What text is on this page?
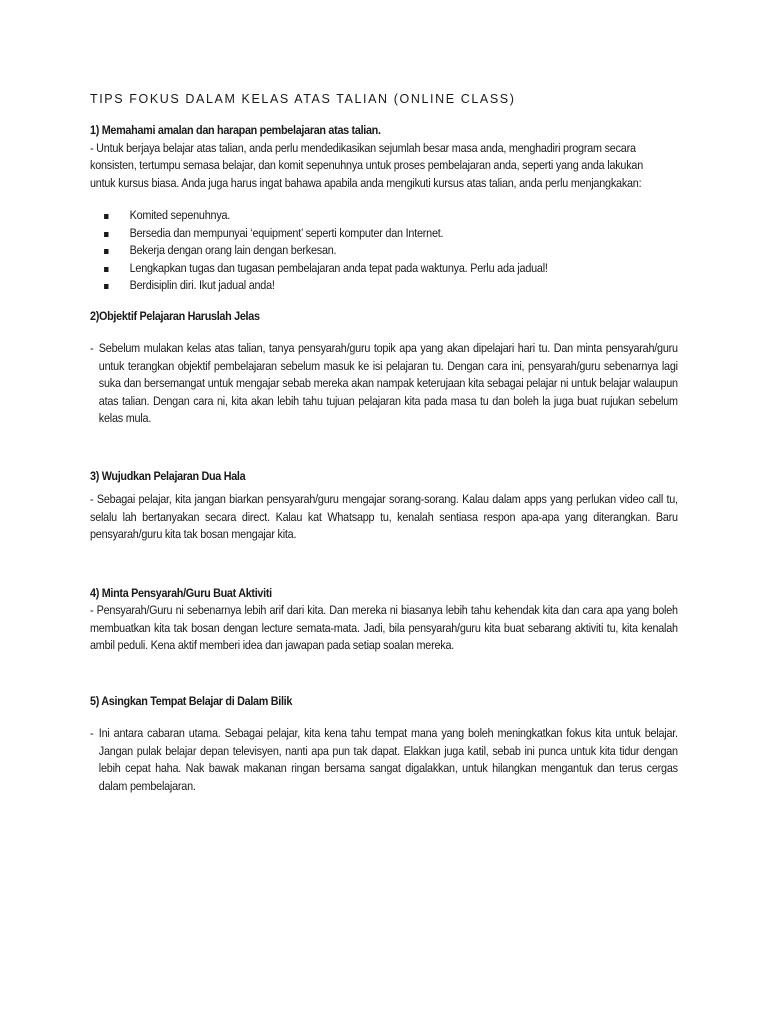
TIPS FOKUS DALAM KELAS ATAS TALIAN (ONLINE CLASS)

1) Memahami amalan dan harapan pembelajaran atas talian.

- Untuk berjaya belajar atas talian, anda perlu mendedikasikan sejumlah besar masa anda, menghadiri program secara konsisten, tertumpu semasa belajar, dan komit sepenuhnya untuk proses pembelajaran anda, seperti yang anda lakukan untuk kursus biasa. Anda juga harus ingat bahawa apabila anda mengikuti kursus atas talian, anda perlu menjangkakan:

Komited sepenuhnya.
Bersedia dan mempunyai ‘equipment’ seperti komputer dan Internet.
Bekerja dengan orang lain dengan berkesan.
Lengkapkan tugas dan tugasan pembelajaran anda tepat pada waktunya. Perlu ada jadual!
Berdisiplin diri. Ikut jadual anda!

2)Objektif Pelajaran Haruslah Jelas

- Sebelum mulakan kelas atas talian, tanya pensyarah/guru topik apa yang akan dipelajari hari tu. Dan minta pensyarah/guru untuk terangkan objektif pembelajaran sebelum masuk ke isi pelajaran tu. Dengan cara ini, pensyarah/guru sebenarnya lagi suka dan bersemangat untuk mengajar sebab mereka akan nampak keterujaan kita sebagai pelajar ni untuk belajar walaupun atas talian. Dengan cara ni, kita akan lebih tahu tujuan pelajaran kita pada masa tu dan boleh la juga buat rujukan sebelum kelas mula.

3) Wujudkan Pelajaran Dua Hala

- Sebagai pelajar, kita jangan biarkan pensyarah/guru mengajar sorang-sorang. Kalau dalam apps yang perlukan video call tu, selalu lah bertanyakan secara direct. Kalau kat Whatsapp tu, kenalah sentiasa respon apa-apa yang diterangkan. Baru pensyarah/guru kita tak bosan mengajar kita.

4) Minta Pensyarah/Guru Buat Aktiviti

- Pensyarah/Guru ni sebenarnya lebih arif dari kita. Dan mereka ni biasanya lebih tahu kehendak kita dan cara apa yang boleh membuatkan kita tak bosan dengan lecture semata-mata. Jadi, bila pensyarah/guru kita buat sebarang aktiviti tu, kita kenalah ambil peduli. Kena aktif memberi idea dan jawapan pada setiap soalan mereka.

5) Asingkan Tempat Belajar di Dalam Bilik

- Ini antara cabaran utama. Sebagai pelajar, kita kena tahu tempat mana yang boleh meningkatkan fokus kita untuk belajar. Jangan pulak belajar depan televisyen, nanti apa pun tak dapat. Elakkan juga katil, sebab ini punca untuk kita tidur dengan lebih cepat haha. Nak bawak makanan ringan bersama sangat digalakkan, untuk hilangkan mengantuk dan terus cergas dalam pembelajaran.
